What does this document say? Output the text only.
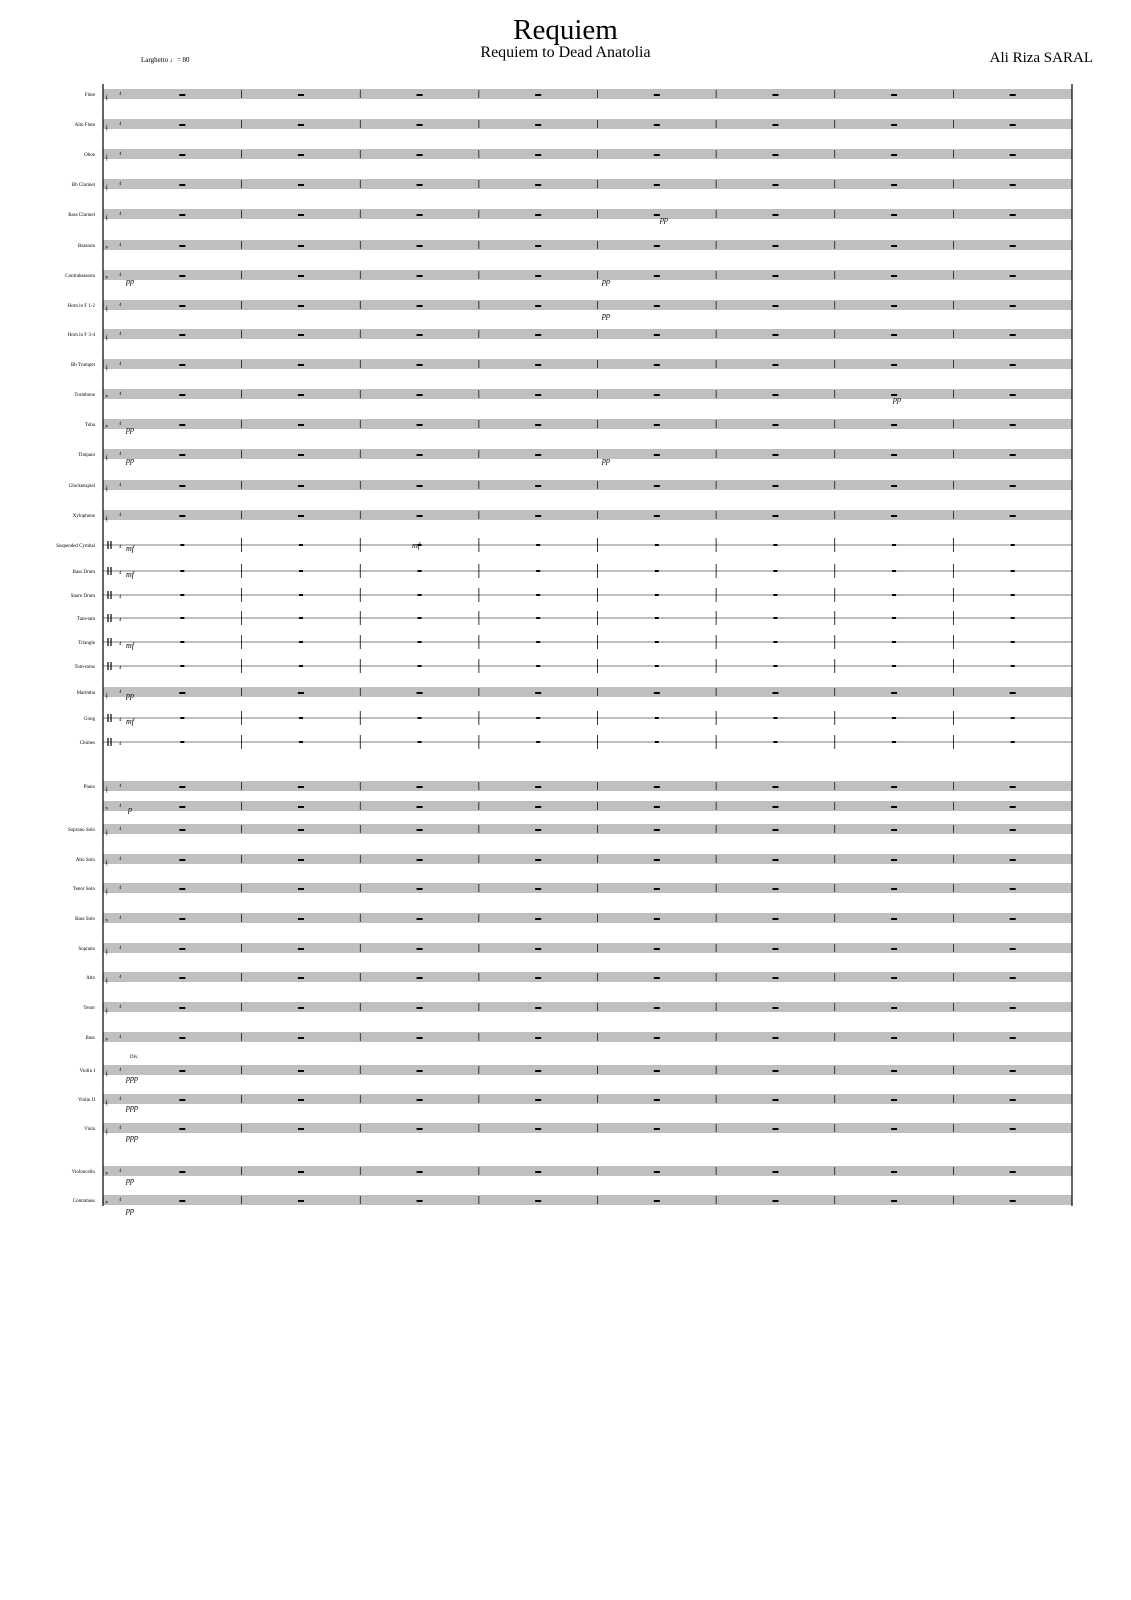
Requiem
Requiem to Dead Anatolia	Ali Riza SARAL
Larghetto ♩= 80
Flute
𝄞
4
Alto Flute
𝄞
4
Oboe
𝄞
4
Bb Clarinet
𝄞
4
Bass Clarinet
𝄞
4
Bassoon
𝄢
4
Contrabassoon
𝄢
4
Horn in F 1-2
𝄞
4
Horn in F 3-4
𝄞
4
Bb Trumpet
𝄞
4
Trombone
𝄢
4
Tuba
𝄢
4
Timpani
𝄞
4
Glockenspiel
𝄞
4
Xylophone
𝄞
4
Suspended Cymbal	4
Bass Drum	4
Snare Drum	4
Tam-tam	4
Triangle	4
Tom-toms	4
Marimba
𝄞
4
Gong	4
Chimes	4
Piano
𝄞
4
𝄢
4
Soprano Solo
𝄞
4
Alto Solo
𝄞
4
Tenor Solo
𝄞
4
Bass Solo
𝄢
4
Soprano
𝄞
4
Alto
𝄞
4
Tenor
𝄞
4
Bass
𝄢
4
Violin I
𝄞
4
Violin II
𝄞
4
Viola
𝄞
4
Violoncello
𝄢
4
Contrabass
𝄢
4
pp	pp
pp
pp
pp
pp
pp	pp
mf	mf
mf
mf
pp
mf
p
Div.
ppp
ppp
ppp
pp
pp
